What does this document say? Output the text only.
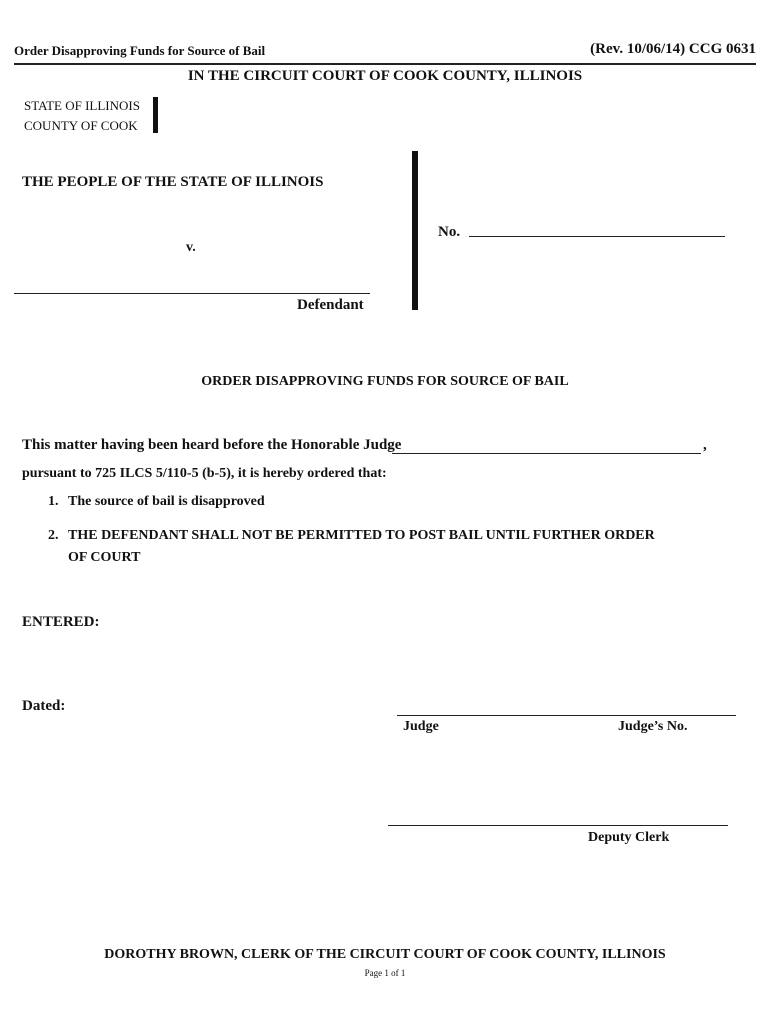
Order Disapproving Funds for Source of Bail	(Rev. 10/06/14) CCG 0631
IN THE CIRCUIT COURT OF COOK COUNTY, ILLINOIS
STATE OF ILLINOIS
COUNTY OF COOK
THE PEOPLE OF THE STATE OF ILLINOIS
v.
Defendant
No.
ORDER DISAPPROVING FUNDS FOR SOURCE OF BAIL
This matter having been heard before the Honorable Judge	,
pursuant to 725 ILCS 5/110-5 (b-5), it is hereby ordered that:
1. The source of bail is disapproved
2. THE DEFENDANT SHALL NOT BE PERMITTED TO POST BAIL UNTIL FURTHER ORDER
OF COURT
ENTERED:
Dated:
Judge	Judge’s No.
Deputy Clerk
DOROTHY BROWN, CLERK OF THE CIRCUIT COURT OF COOK COUNTY, ILLINOIS
Page 1 of 1
